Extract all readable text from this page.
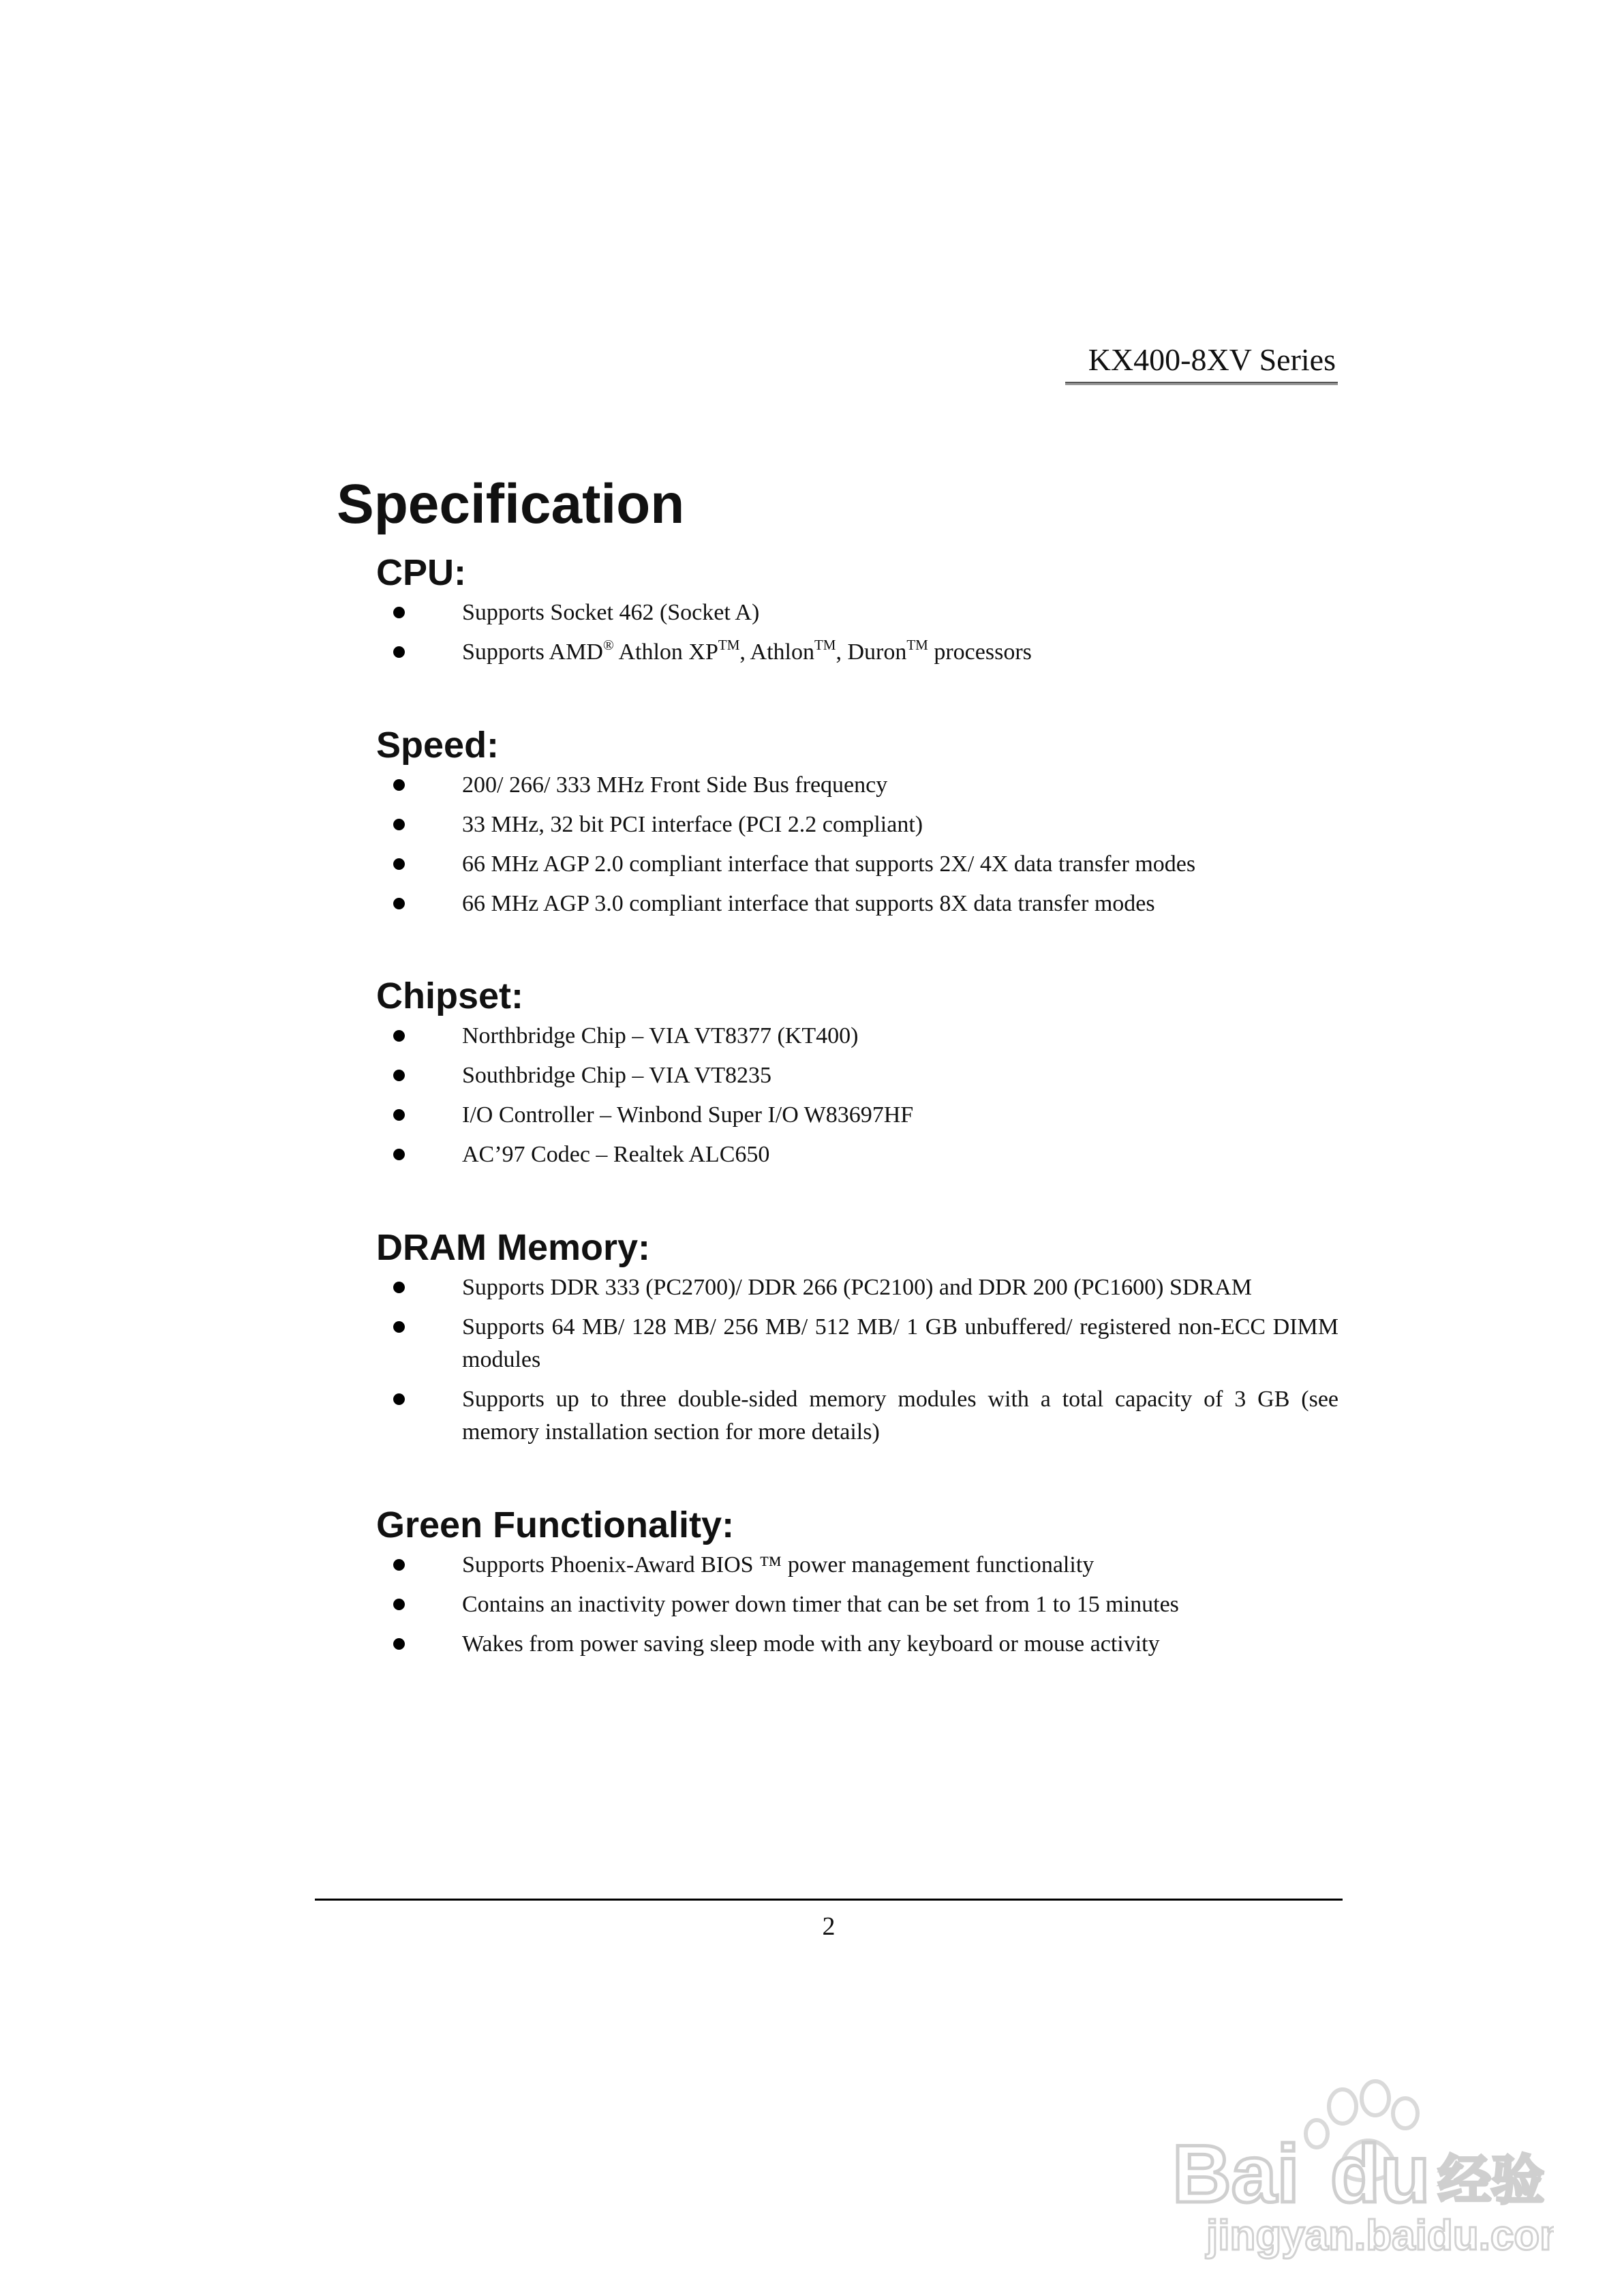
KX400-8XV Series
Specification
CPU:
Supports Socket 462 (Socket A)
Supports AMD® Athlon XP™, Athlon™, Duron™ processors
Speed:
200/ 266/ 333 MHz Front Side Bus frequency
33 MHz, 32 bit PCI interface (PCI 2.2 compliant)
66 MHz AGP 2.0 compliant interface that supports 2X/ 4X data transfer modes
66 MHz AGP 3.0 compliant interface that supports 8X data transfer modes
Chipset:
Northbridge Chip – VIA VT8377 (KT400)
Southbridge Chip – VIA VT8235
I/O Controller – Winbond Super I/O W83697HF
AC’97 Codec – Realtek ALC650
DRAM Memory:
Supports DDR 333 (PC2700)/ DDR 266 (PC2100) and DDR 200 (PC1600) SDRAM
Supports 64 MB/ 128 MB/ 256 MB/ 512 MB/ 1 GB unbuffered/ registered non-ECC DIMM modules
Supports up to three double-sided memory modules with a total capacity of 3 GB (see memory installation section for more details)
Green Functionality:
Supports Phoenix-Award BIOS ™ power management functionality
Contains an inactivity power down timer that can be set from 1 to 15 minutes
Wakes from power saving sleep mode with any keyboard or mouse activity
2
Bai du 经验
jingyan.baidu.com
